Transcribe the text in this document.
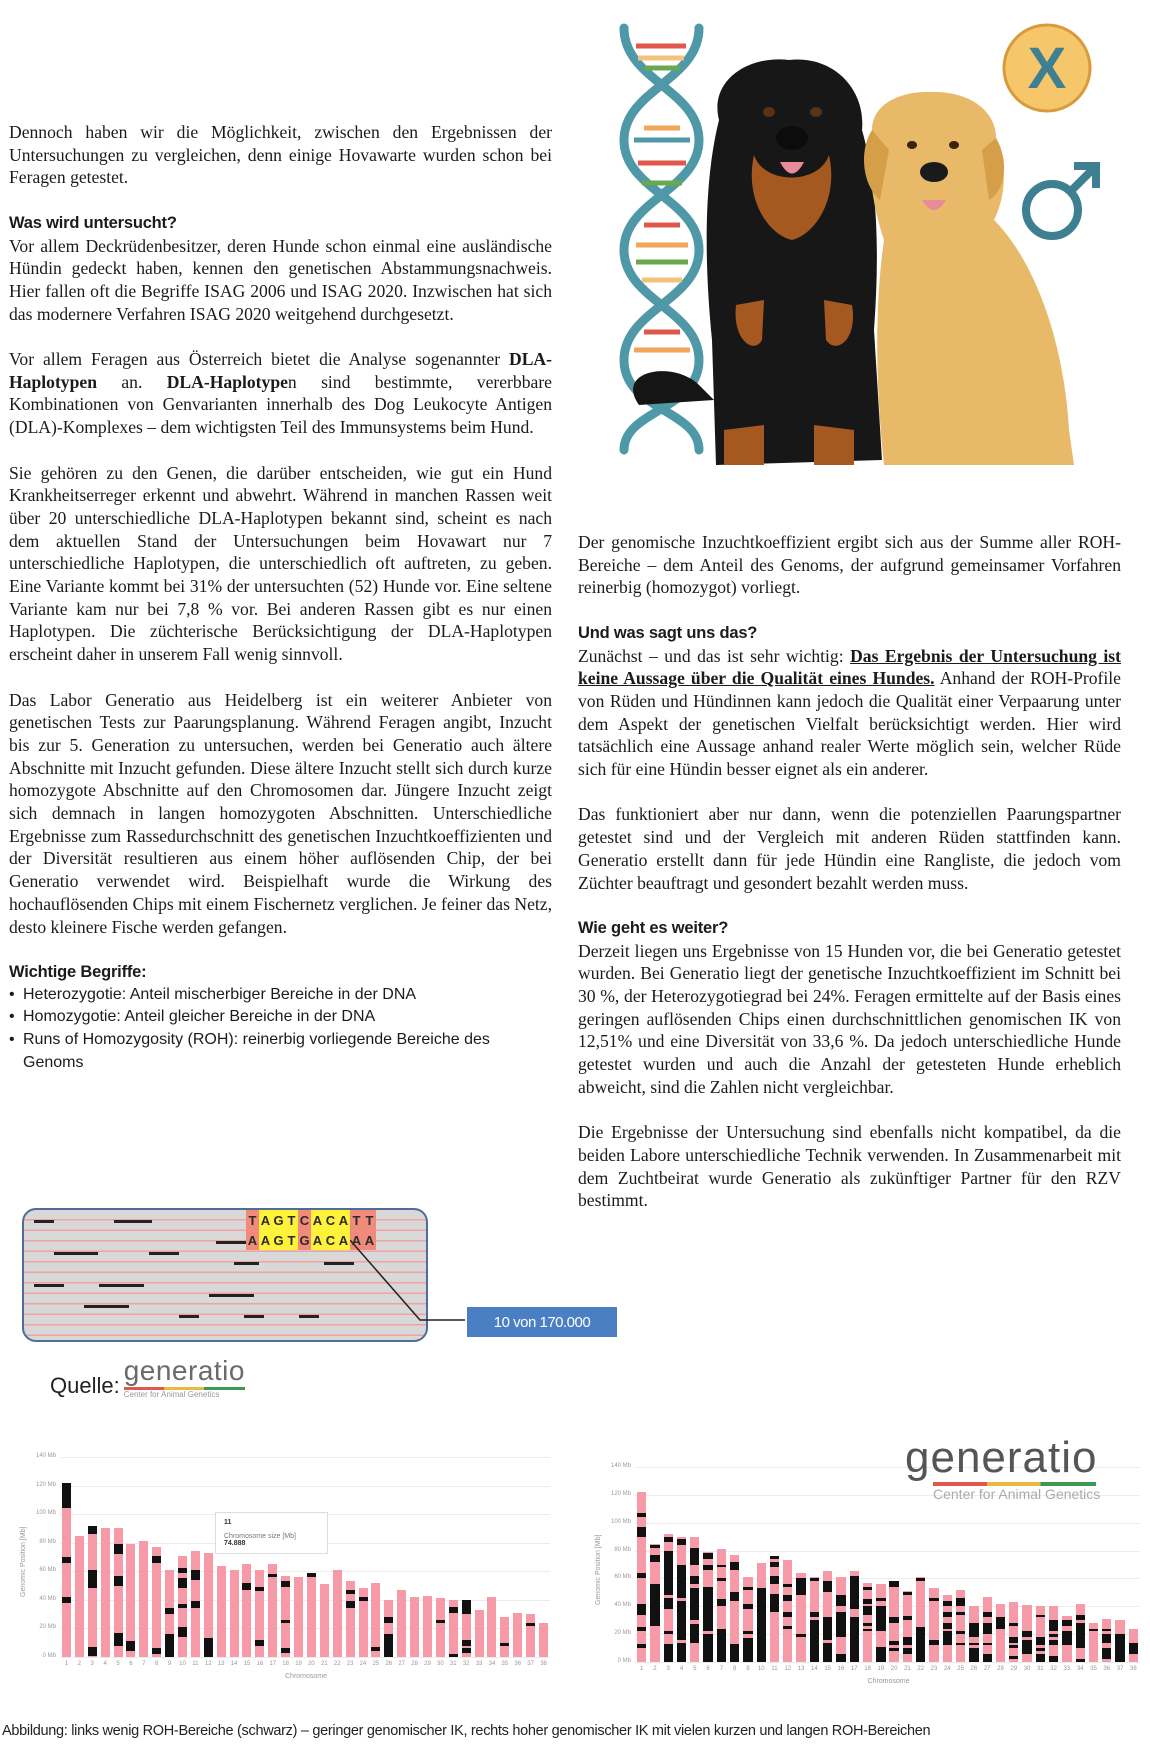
Dennoch haben wir die Möglichkeit, zwischen den Ergebnissen der Untersuchungen zu vergleichen, denn einige Hovawarte wurden schon bei Feragen getestet.

Was wird untersucht?

Vor allem Deckrüdenbesitzer, deren Hunde schon einmal eine ausländische Hündin gedeckt haben, kennen den genetischen Abstammungsnachweis. Hier fallen oft die Begriffe ISAG 2006 und ISAG 2020. Inzwischen hat sich das modernere Verfahren ISAG 2020 weitgehend durchgesetzt.

Vor allem Feragen aus Österreich bietet die Analyse sogenannter DLA-Haplotypen an. DLA-Haplotypen sind bestimmte, vererbbare Kombinationen von Genvarianten innerhalb des Dog Leukocyte Antigen (DLA)-Komplexes – dem wichtigsten Teil des Immunsystems beim Hund.

Sie gehören zu den Genen, die darüber entscheiden, wie gut ein Hund Krankheitserreger erkennt und abwehrt. Während in manchen Rassen weit über 20 unterschiedliche DLA-Haplotypen bekannt sind, scheint es nach dem aktuellen Stand der Untersuchungen beim Hovawart nur 7 unterschiedliche Haplotypen, die unterschiedlich oft auftreten, zu geben. Eine Variante kommt bei 31% der untersuchten (52) Hunde vor. Eine seltene Variante kam nur bei 7,8 % vor. Bei anderen Rassen gibt es nur einen Haplotypen. Die züchterische Berücksichtigung der DLA-Haplotypen erscheint daher in unserem Fall wenig sinnvoll.

Das Labor Generatio aus Heidelberg ist ein weiterer Anbieter von genetischen Tests zur Paarungsplanung. Während Feragen angibt, Inzucht bis zur 5. Generation zu untersuchen, werden bei Generatio auch ältere Abschnitte mit Inzucht gefunden. Diese ältere Inzucht stellt sich durch kurze homozygote Abschnitte auf den Chromosomen dar. Jüngere Inzucht zeigt sich demnach in langen homozygoten Abschnitten. Unterschiedliche Ergebnisse zum Rassedurchschnitt des genetischen Inzuchtkoeffizienten und der Diversität resultieren aus einem höher auflösenden Chip, der bei Generatio verwendet wird. Beispielhaft wurde die Wirkung des hochauflösenden Chips mit einem Fischernetz verglichen. Je feiner das Netz, desto kleinere Fische werden gefangen.

Wichtige Begriffe:
• Heterozygotie: Anteil mischerbiger Bereiche in der DNA
• Homozygotie: Anteil gleicher Bereiche in der DNA
• Runs of Homozygosity (ROH): reinerbig vorliegende Bereiche des Genoms
X

Der genomische Inzuchtkoeffizient ergibt sich aus der Summe aller ROH-Bereiche – dem Anteil des Genoms, der aufgrund gemeinsamer Vorfahren reinerbig (homozygot) vorliegt.

Und was sagt uns das?

Zunächst – und das ist sehr wichtig: Das Ergebnis der Untersuchung ist keine Aussage über die Qualität eines Hundes. Anhand der ROH-Profile von Rüden und Hündinnen kann jedoch die Qualität einer Verpaarung unter dem Aspekt der genetischen Vielfalt berücksichtigt werden. Hier wird tatsächlich eine Aussage anhand realer Werte möglich sein, welcher Rüde sich für eine Hündin besser eignet als ein anderer.

Das funktioniert aber nur dann, wenn die potenziellen Paarungspartner getestet sind und der Vergleich mit anderen Rüden stattfinden kann. Generatio erstellt dann für jede Hündin eine Rangliste, die jedoch vom Züchter beauftragt und gesondert bezahlt werden muss.

Wie geht es weiter?

Derzeit liegen uns Ergebnisse von 15 Hunden vor, die bei Generatio getestet wurden. Bei Generatio liegt der genetische Inzuchtkoeffizient im Schnitt bei 30 %, der Heterozygotiegrad bei 24%. Feragen ermittelte auf der Basis eines geringen auflösenden Chips einen durchschnittlichen genomischen IK von 12,51% und eine Diversität von 33,6 %. Da jedoch unterschiedliche Hunde getestet wurden und auch die Anzahl der getesteten Hunde erheblich abweicht, sind die Zahlen nicht vergleichbar.

Die Ergebnisse der Untersuchung sind ebenfalls nicht kompatibel, da die beiden Labore unterschiedliche Technik verwenden. In Zusammenarbeit mit dem Zuchtbeirat wurde Generatio als zukünftiger Partner für den RZV bestimmt.

T
A
A
A
G
G
T
T
C
G
A
A
C
C
A
A
T
A
T
A
10 von 170.000
Quelle: generatio
Center for Animal Genetics
0 Mb
20 Mb
40 Mb
60 Mb
80 Mb
100 Mb
120 Mb
140 Mb
1	2	3	4	5	6	7	8	9	10	11	12	13	14	15	16	17	18	19	20	21	22	23	24	25	26	27	28	29	30	31	32	33	34	35	36	37	38
Chromosome
Genomic Position [Mb]
0 Mb
20 Mb
40 Mb
60 Mb
80 Mb
100 Mb
120 Mb
140 Mb
1	2	3	4	5	6	7	8	9	10	11	12	13	14	15	16	17	18	19	20	21	22	23	24	25	26	27	28	29	30	31	32	33	34	35	36	37	38
Chromosome
Genomic Position [Mb]
11

Chromosome size [Mb]
74.888
generatio
Center for Animal Genetics
Abbildung: links wenig ROH-Bereiche (schwarz) – geringer genomischer IK, rechts hoher genomischer IK mit vielen kurzen und langen ROH-Bereichen
